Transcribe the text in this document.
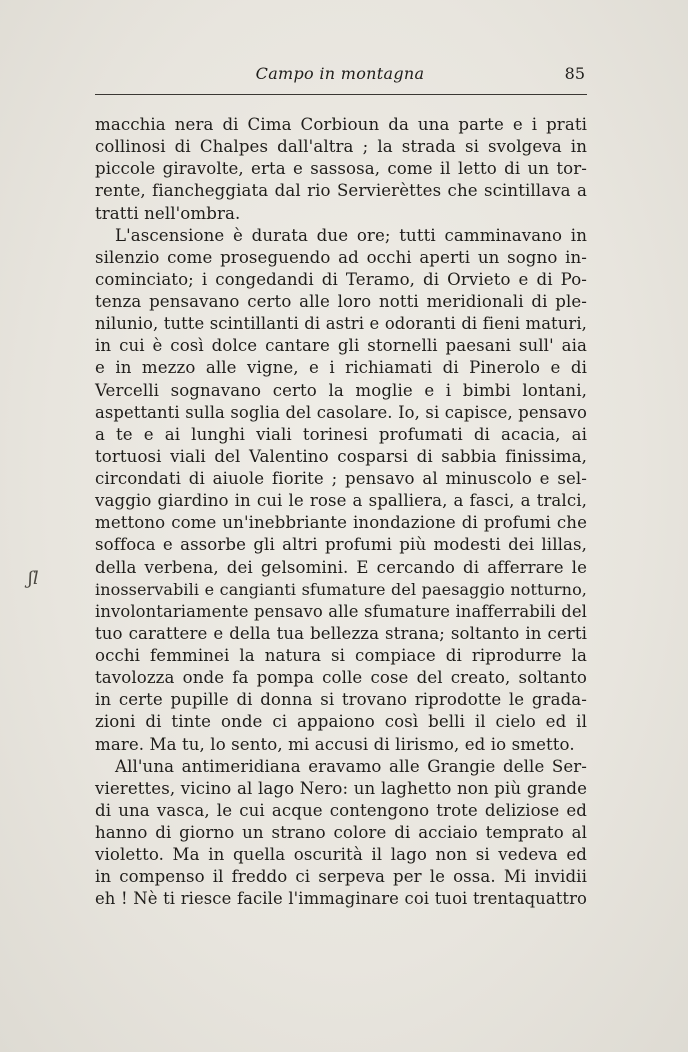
Campo in montagna	85
ʃl
macchia nera di Cima Corbioun da una parte e i prati
collinosi di Chalpes dall'altra ; la strada si svolgeva in
piccole giravolte, erta e sassosa, come il letto di un tor-
rente, fiancheggiata dal rio Servierèttes che scintillava a
tratti nell'ombra.
L'ascensione è durata due ore; tutti camminavano in
silenzio come proseguendo ad occhi aperti un sogno in-
cominciato; i congedandi di Teramo, di Orvieto e di Po-
tenza pensavano certo alle loro notti meridionali di ple-
nilunio, tutte scintillanti di astri e odoranti di fieni maturi,
in cui è così dolce cantare gli stornelli paesani sull' aia
e in mezzo alle vigne, e i richiamati di Pinerolo e di
Vercelli sognavano certo la moglie e i bimbi lontani,
aspettanti sulla soglia del casolare. Io, si capisce, pensavo
a te e ai lunghi viali torinesi profumati di acacia, ai
tortuosi viali del Valentino cosparsi di sabbia finissima,
circondati di aiuole fiorite ; pensavo al minuscolo e sel-
vaggio giardino in cui le rose a spalliera, a fasci, a tralci,
mettono come un'inebbriante inondazione di profumi che
soffoca e assorbe gli altri profumi più modesti dei lillas,
della verbena, dei gelsomini. E cercando di afferrare le
inosservabili e cangianti sfumature del paesaggio notturno,
involontariamente pensavo alle sfumature inafferrabili del
tuo carattere e della tua bellezza strana; soltanto in certi
occhi femminei la natura si compiace di riprodurre la
tavolozza onde fa pompa colle cose del creato, soltanto
in certe pupille di donna si trovano riprodotte le grada-
zioni di tinte onde ci appaiono così belli il cielo ed il
mare. Ma tu, lo sento, mi accusi di lirismo, ed io smetto.
All'una antimeridiana eravamo alle Grangie delle Ser-
vierettes, vicino al lago Nero: un laghetto non più grande
di una vasca, le cui acque contengono trote deliziose ed
hanno di giorno un strano colore di acciaio temprato al
violetto. Ma in quella oscurità il lago non si vedeva ed
in compenso il freddo ci serpeva per le ossa. Mi invidii
eh ! Nè ti riesce facile l'immaginare coi tuoi trentaquattro
